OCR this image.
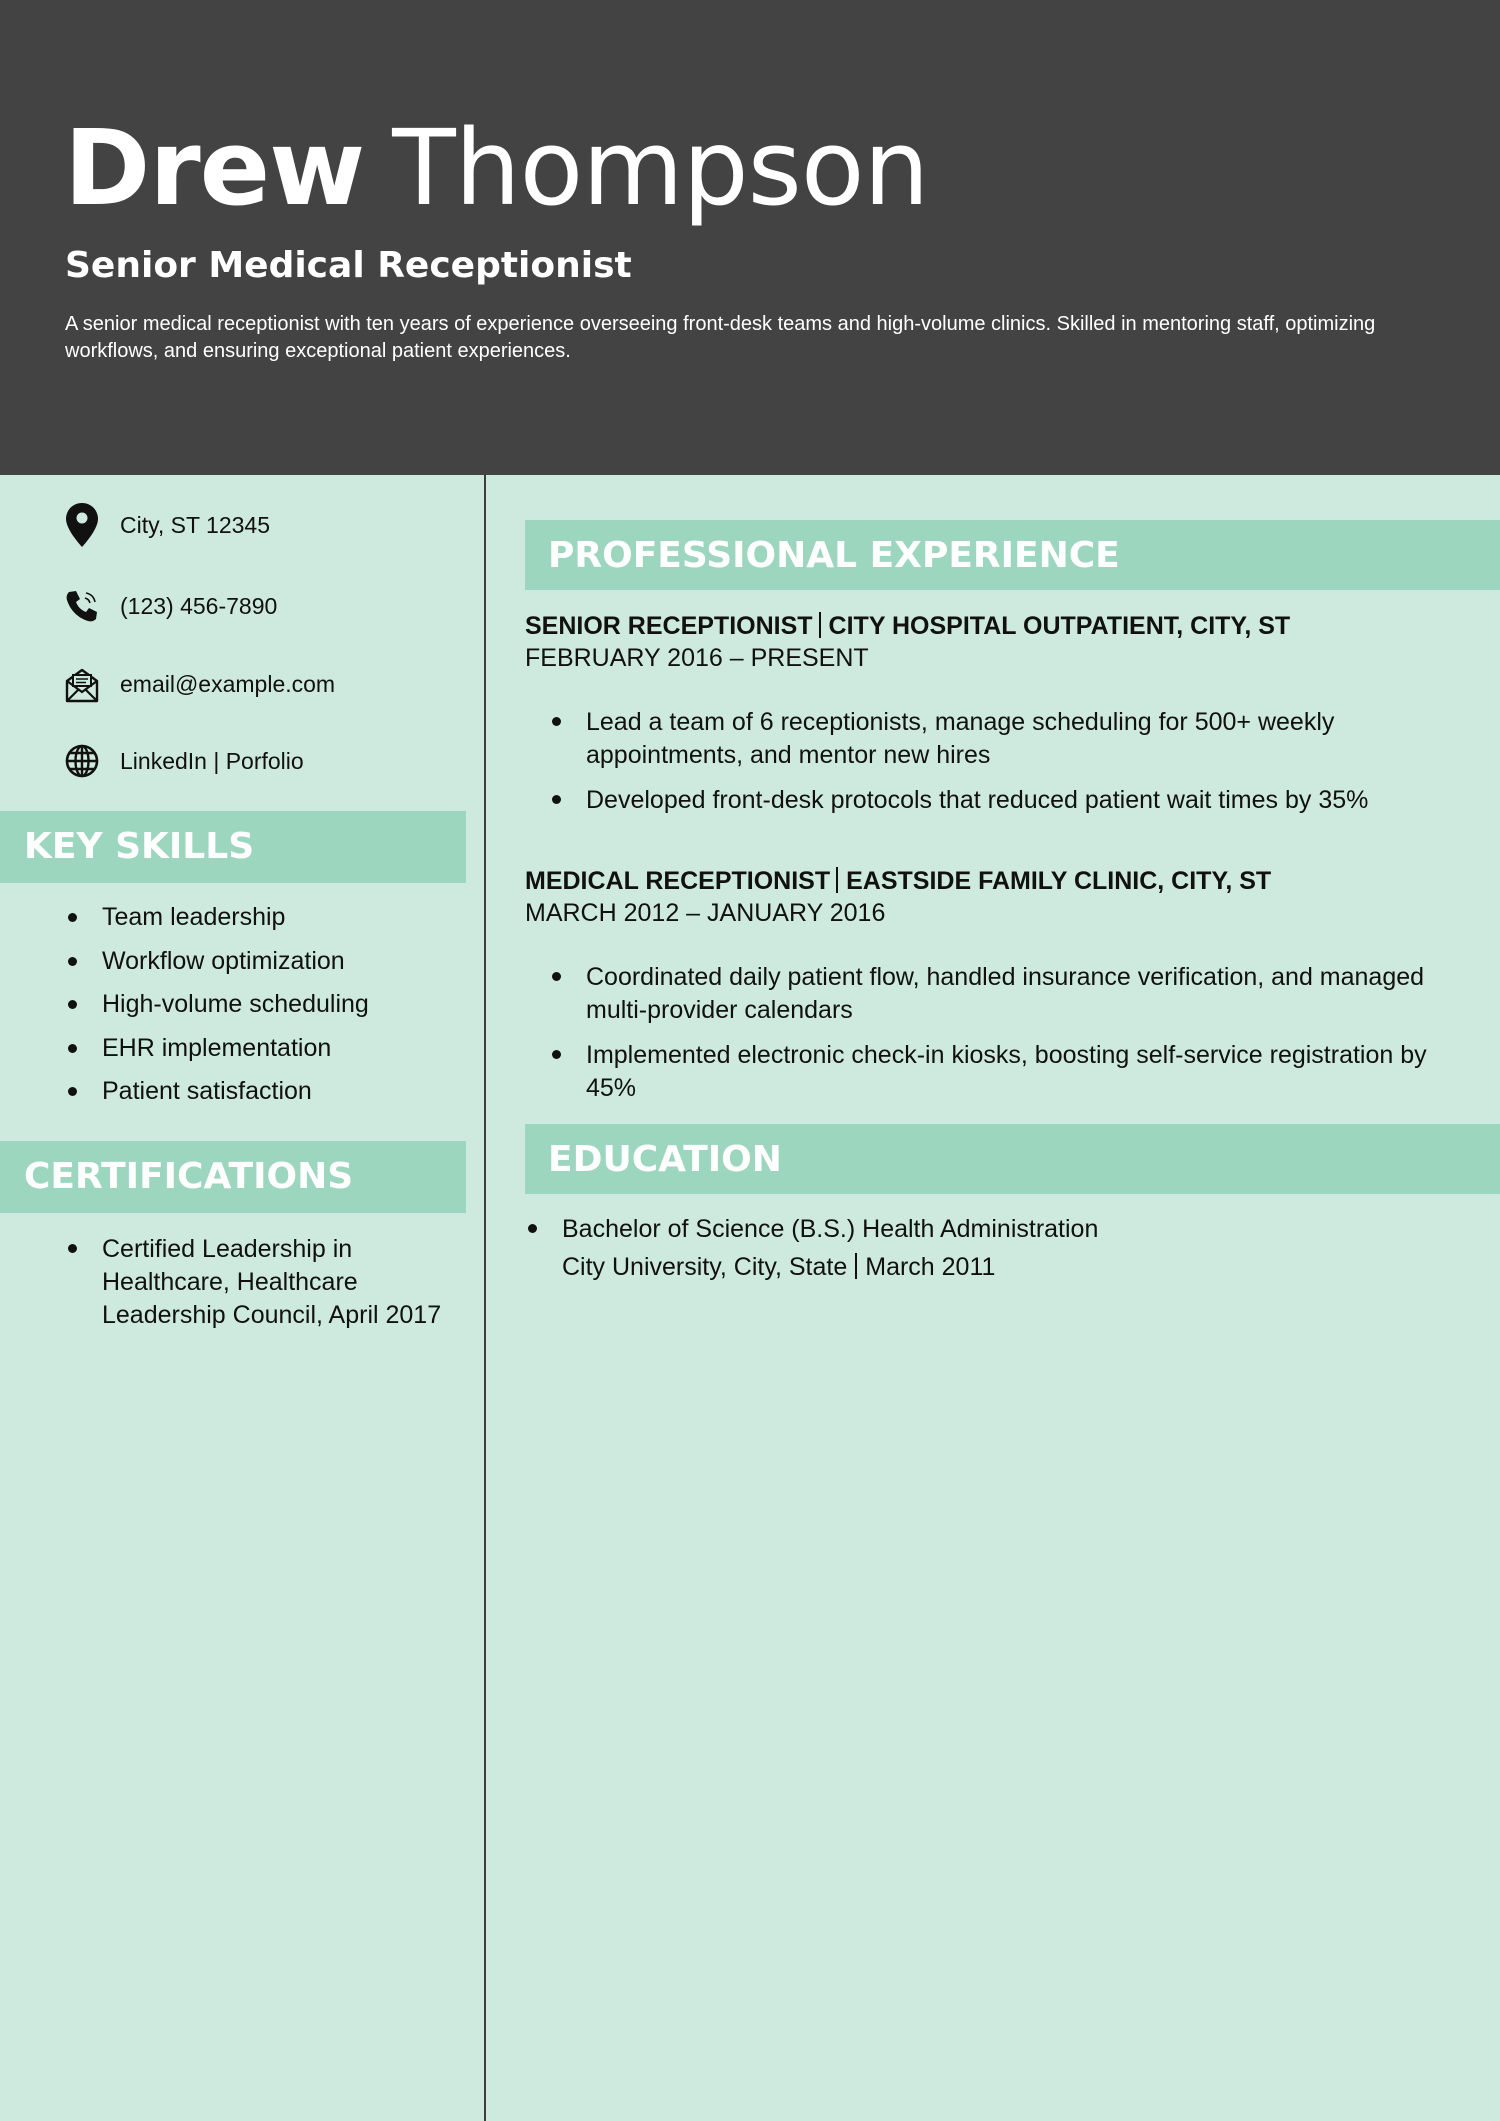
Drew Thompson
Senior Medical Receptionist
A senior medical receptionist with ten years of experience overseeing front-desk teams and high-volume clinics. Skilled in mentoring staff, optimizing workflows, and ensuring exceptional patient experiences.
City, ST 12345
(123) 456-7890
email@example.com
LinkedIn | Porfolio
KEY SKILLS
Team leadership
Workflow optimization
High-volume scheduling
EHR implementation
Patient satisfaction
CERTIFICATIONS
Certified Leadership in Healthcare, Healthcare Leadership Council, April 2017
PROFESSIONAL EXPERIENCE
SENIOR RECEPTIONIST CITY HOSPITAL OUTPATIENT, CITY, ST
FEBRUARY 2016 – PRESENT
Lead a team of 6 receptionists, manage scheduling for 500+ weekly appointments, and mentor new hires
Developed front-desk protocols that reduced patient wait times by 35%
MEDICAL RECEPTIONIST EASTSIDE FAMILY CLINIC, CITY, ST
MARCH 2012 – JANUARY 2016
Coordinated daily patient flow, handled insurance verification, and managed multi-provider calendars
Implemented electronic check-in kiosks, boosting self-service registration by 45%
EDUCATION
Bachelor of Science (B.S.) Health Administration
City University, City, State March 2011
